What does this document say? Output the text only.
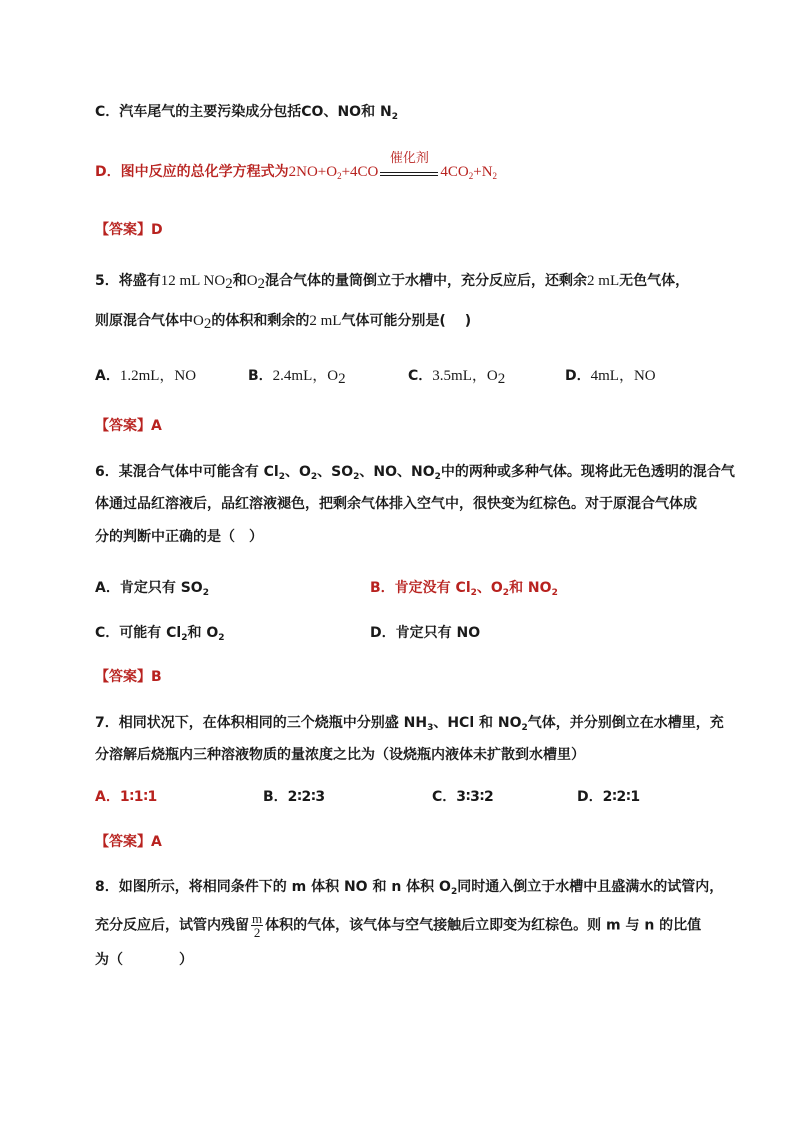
C．汽车尾气的主要污染成分包括CO、NO和 $N_2$
D．图中反应的总化学方程式为$2NO+O_2+4CO$
催化剂
$4CO_2+N_2$
【答案】D
5．将盛有12 mL $NO_2$和$O_2$混合气体的量筒倒立于水槽中，充分反应后，还剩余2 mL无色气体，
则原混合气体中$O_2$的体积和剩余的2 mL气体可能分别是(　 )
A．1.2mL，NO	B．2.4mL，$O_2$	C．3.5mL，$O_2$	D．4mL，NO
【答案】A
6．某混合气体中可能含有 $Cl_2$、$O_2$、$SO_2$、NO、$NO_2$中的两种或多种气体。现将此无色透明的混合气
体通过品红溶液后，品红溶液褪色，把剩余气体排入空气中，很快变为红棕色。对于原混合气体成
分的判断中正确的是（　）
A．肯定只有 $SO_2$	B．肯定没有 $Cl_2$、$O_2$和 $NO_2$
C．可能有 $Cl_2$和 $O_2$	D．肯定只有 NO
【答案】B
7．相同状况下，在体积相同的三个烧瓶中分别盛 $NH_3$、HCl 和 $NO_2$气体，并分别倒立在水槽里，充
分溶解后烧瓶内三种溶液物质的量浓度之比为（设烧瓶内液体未扩散到水槽里）
A．1∶1∶1	B．2∶2∶3	C．3∶3∶2	D．2∶2∶1
【答案】A
8．如图所示，将相同条件下的 m 体积 NO 和 n 体积 $O_2$同时通入倒立于水槽中且盛满水的试管内，
充分反应后，试管内残留 $\frac{m}{2}$ 体积的气体，该气体与空气接触后立即变为红棕色。则 m 与 n 的比值
为（　　　　）
